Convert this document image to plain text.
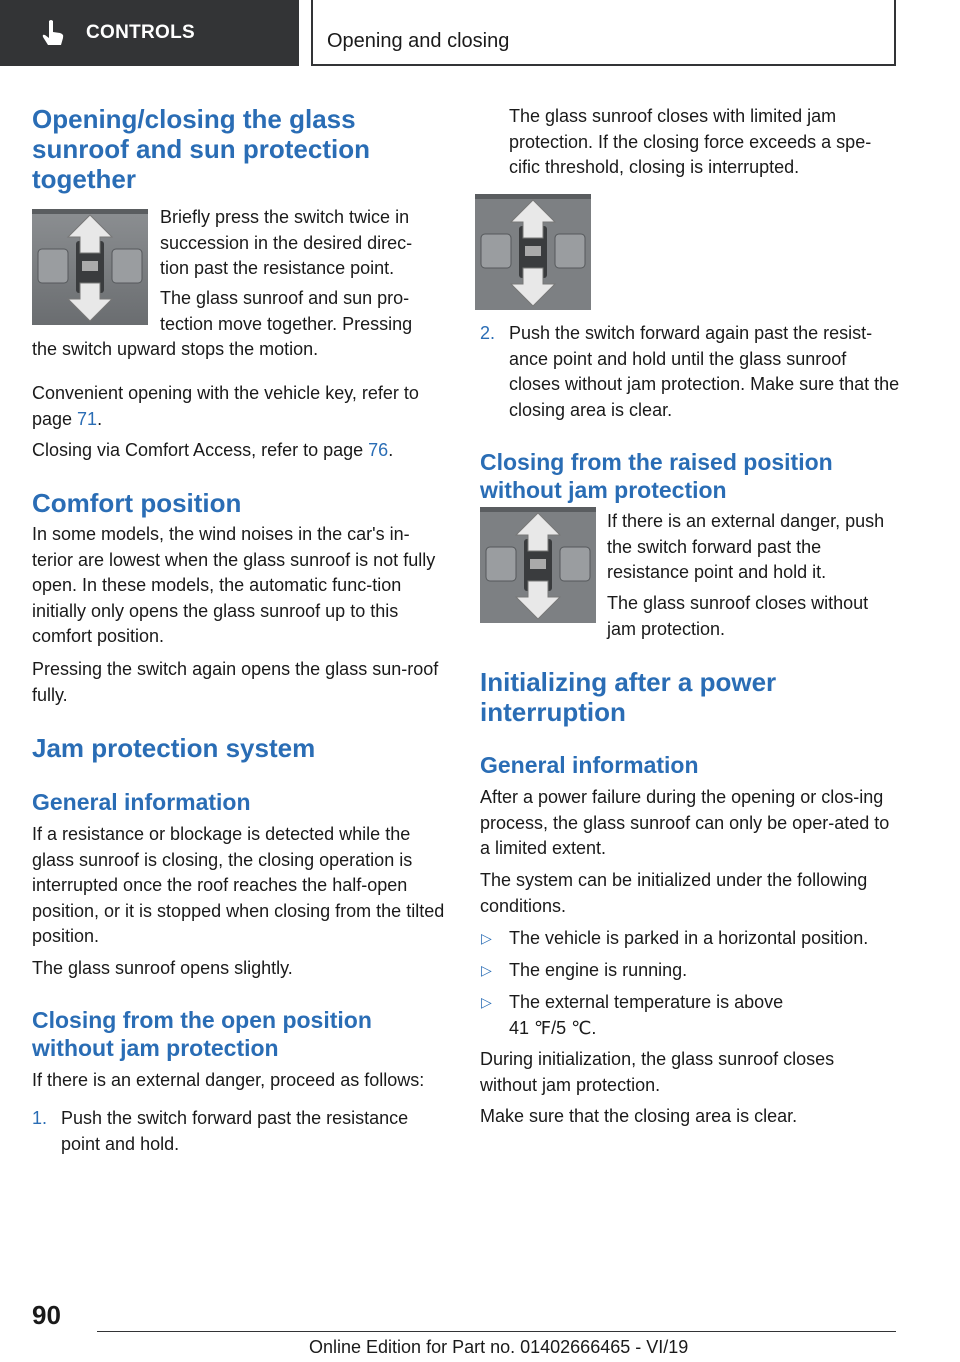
CONTROLS	Opening and closing
Opening/closing the glass sunroof and sun protection together
Briefly press the switch twice in succession in the desired direc-tion past the resistance point.
The glass sunroof and sun pro-tection move together. Pressing
the switch upward stops the motion.
Convenient opening with the vehicle key, refer to page 71.
Closing via Comfort Access, refer to page 76.
Comfort position
In some models, the wind noises in the car's in-terior are lowest when the glass sunroof is not fully open. In these models, the automatic func-tion initially only opens the glass sunroof up to this comfort position.
Pressing the switch again opens the glass sun-roof fully.
Jam protection system
General information
If a resistance or blockage is detected while the glass sunroof is closing, the closing operation is interrupted once the roof reaches the half-open position, or it is stopped when closing from the tilted position.
The glass sunroof opens slightly.
Closing from the open position without jam protection
If there is an external danger, proceed as follows:
1. Push the switch forward past the resistance point and hold.
The glass sunroof closes with limited jam protection. If the closing force exceeds a spe-cific threshold, closing is interrupted.
2. Push the switch forward again past the resist-ance point and hold until the glass sunroof closes without jam protection. Make sure that the closing area is clear.
Closing from the raised position without jam protection
If there is an external danger, push the switch forward past the resistance point and hold it.
The glass sunroof closes without jam protection.
Initializing after a power interruption
General information
After a power failure during the opening or clos-ing process, the glass sunroof can only be oper-ated to a limited extent.
The system can be initialized under the following conditions.
▷ The vehicle is parked in a horizontal position.
▷ The engine is running.
▷ The external temperature is above
41 ℉/5 ℃.
During initialization, the glass sunroof closes without jam protection.
Make sure that the closing area is clear.
90
Online Edition for Part no. 01402666465 - VI/19
